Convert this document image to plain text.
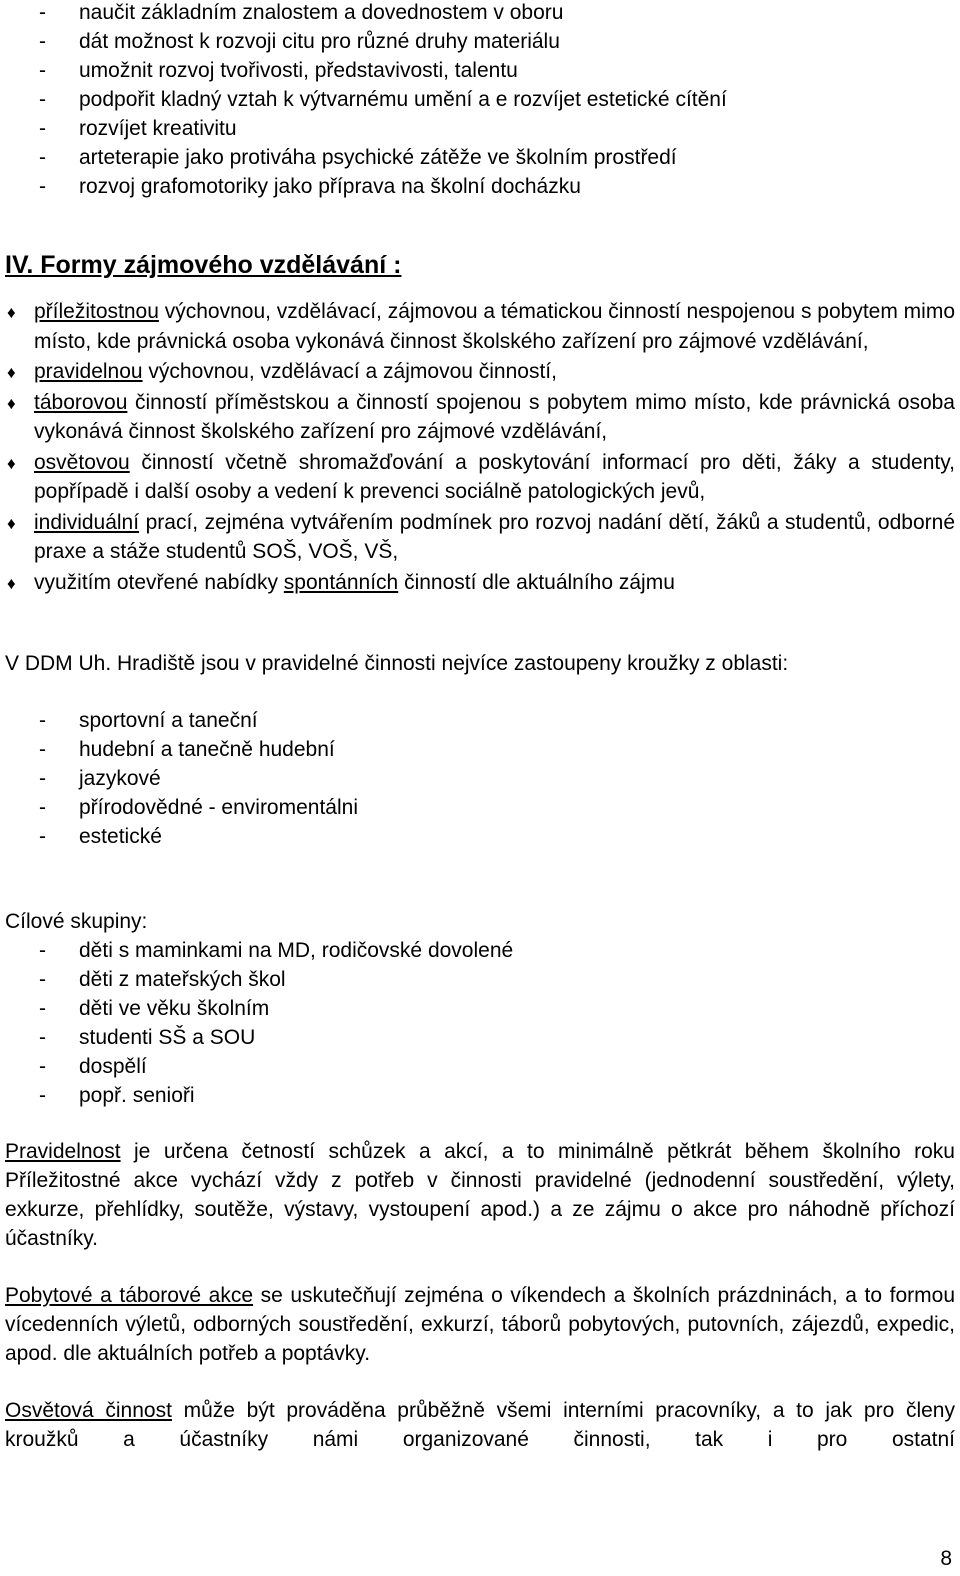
- naučit základním znalostem a dovednostem v oboru
- dát možnost k rozvoji citu pro různé druhy materiálu
- umožnit rozvoj tvořivosti, představivosti, talentu
- podpořit kladný vztah k výtvarnému umění a e rozvíjet estetické cítění
- rozvíjet kreativitu
- arteterapie jako protiváha psychické zátěže ve školním prostředí
- rozvoj grafomotoriky jako příprava na školní docházku
IV. Formy zájmového vzdělávání :
♦ příležitostnou výchovnou, vzdělávací, zájmovou a tématickou činností nespojenou s pobytem mimo místo, kde právnická osoba vykonává činnost školského zařízení pro zájmové vzdělávání,
♦ pravidelnou výchovnou, vzdělávací a zájmovou činností,
♦ táborovou činností příměstskou a činností spojenou s pobytem mimo místo, kde právnická osoba vykonává činnost školského zařízení pro zájmové vzdělávání,
♦ osvětovou činností včetně shromažďování a poskytování informací pro děti, žáky a studenty, popřípadě i další osoby a vedení k prevenci sociálně patologických jevů,
♦ individuální prací, zejména vytvářením podmínek pro rozvoj nadání dětí, žáků a studentů, odborné praxe a stáže studentů SOŠ, VOŠ, VŠ,
♦ využitím otevřené nabídky spontánních činností dle aktuálního zájmu
V DDM Uh. Hradiště jsou v pravidelné činnosti nejvíce zastoupeny kroužky z oblasti:
- sportovní a taneční
- hudební a tanečně hudební
- jazykové
- přírodovědné - enviromentálni
- estetické
Cílové skupiny:
- děti s maminkami na MD, rodičovské dovolené
- děti z mateřských škol
- děti ve věku školním
- studenti SŠ a SOU
- dospělí
- popř. senioři

Pravidelnost je určena četností schůzek a akcí, a to minimálně pětkrát během školního roku Příležitostné akce vychází vždy z potřeb v činnosti pravidelné (jednodenní soustředění, výlety, exkurze, přehlídky, soutěže, výstavy, vystoupení apod.) a ze zájmu o akce pro náhodně příchozí účastníky.

Pobytové a táborové akce se uskutečňují zejména o víkendech a školních prázdninách, a to formou vícedenních výletů, odborných soustředění, exkurzí, táborů pobytových, putovních, zájezdů, expedic, apod. dle aktuálních potřeb a poptávky.

Osvětová činnost může být prováděna průběžně všemi interními pracovníky, a to jak pro členy kroužků a účastníky námi organizované činnosti, tak i pro ostatní

8
